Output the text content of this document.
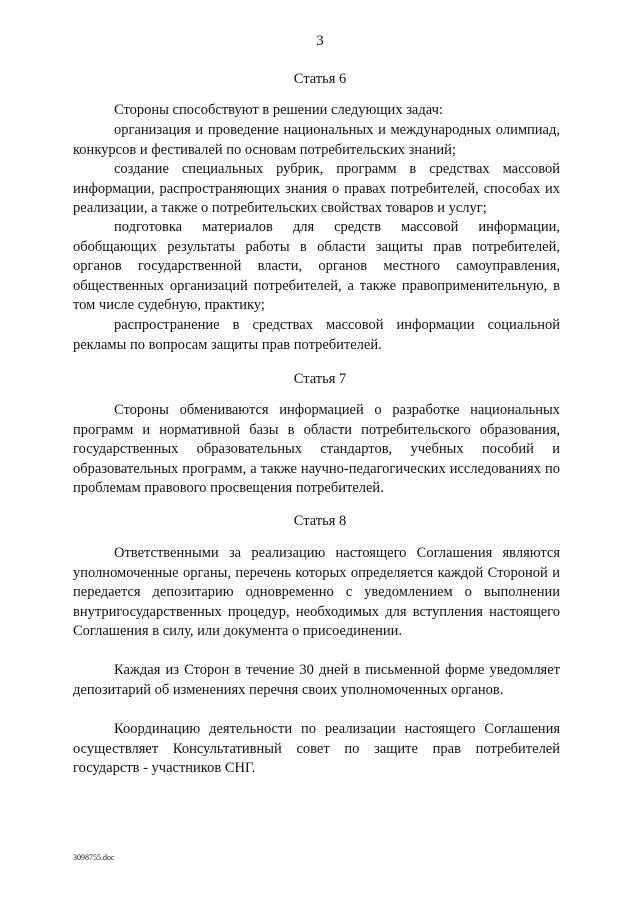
3
Статья 6

Стороны способствуют в решении следующих задач:

организация и проведение национальных и международных олимпиад, конкурсов и фестивалей по основам потребительских знаний;

создание специальных рубрик, программ в средствах массовой информации, распространяющих знания о правах потребителей, способах их реализации, а также о потребительских свойствах товаров и услуг;

подготовка материалов для средств массовой информации, обобщающих результаты работы в области защиты прав потребителей, органов государственной власти, органов местного самоуправления, общественных организаций потребителей, а также правоприменительную, в том числе судебную, практику;

распространение в средствах массовой информации социальной рекламы по вопросам защиты прав потребителей.

Статья 7

Стороны обмениваются информацией о разработке национальных программ и нормативной базы в области потребительского образования, государственных образовательных стандартов, учебных пособий и образовательных программ, а также научно-педагогических исследованиях по проблемам правового просвещения потребителей.

Статья 8

Ответственными за реализацию настоящего Соглашения являются уполномоченные органы, перечень которых определяется каждой Стороной и передается депозитарию одновременно с уведомлением о выполнении внутригосударственных процедур, необходимых для вступления настоящего Соглашения в силу, или документа о присоединении.

Каждая из Сторон в течение 30 дней в письменной форме уведомляет депозитарий об изменениях перечня своих уполномоченных органов.

Координацию деятельности по реализации настоящего Соглашения осуществляет Консультативный совет по защите прав потребителей государств - участников СНГ.

3098755.doc
